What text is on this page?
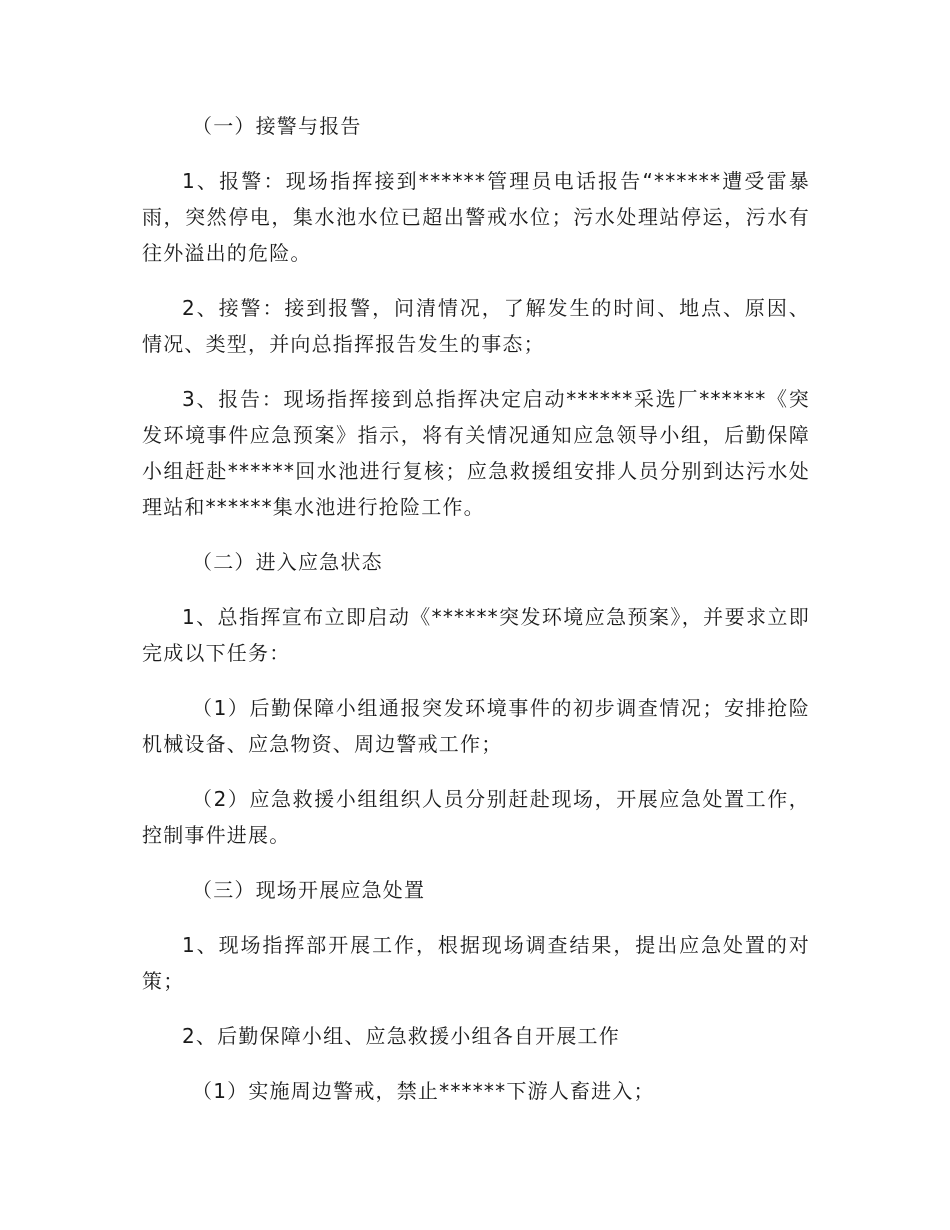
（一）接警与报告

1、报警：现场指挥接到******管理员电话报告“******遭受雷暴雨，突然停电，集水池水位已超出警戒水位；污水处理站停运，污水有往外溢出的危险。

2、接警：接到报警，问清情况，了解发生的时间、地点、原因、情况、类型，并向总指挥报告发生的事态；

3、报告：现场指挥接到总指挥决定启动******采选厂******《突发环境事件应急预案》指示，将有关情况通知应急领导小组，后勤保障小组赶赴******回水池进行复核；应急救援组安排人员分别到达污水处理站和******集水池进行抢险工作。

（二）进入应急状态

1、总指挥宣布立即启动《******突发环境应急预案》，并要求立即完成以下任务：

（1）后勤保障小组通报突发环境事件的初步调查情况；安排抢险机械设备、应急物资、周边警戒工作；

（2）应急救援小组组织人员分别赶赴现场，开展应急处置工作，控制事件进展。

（三）现场开展应急处置

1、现场指挥部开展工作，根据现场调查结果，提出应急处置的对策；

2、后勤保障小组、应急救援小组各自开展工作

（1）实施周边警戒，禁止******下游人畜进入；
